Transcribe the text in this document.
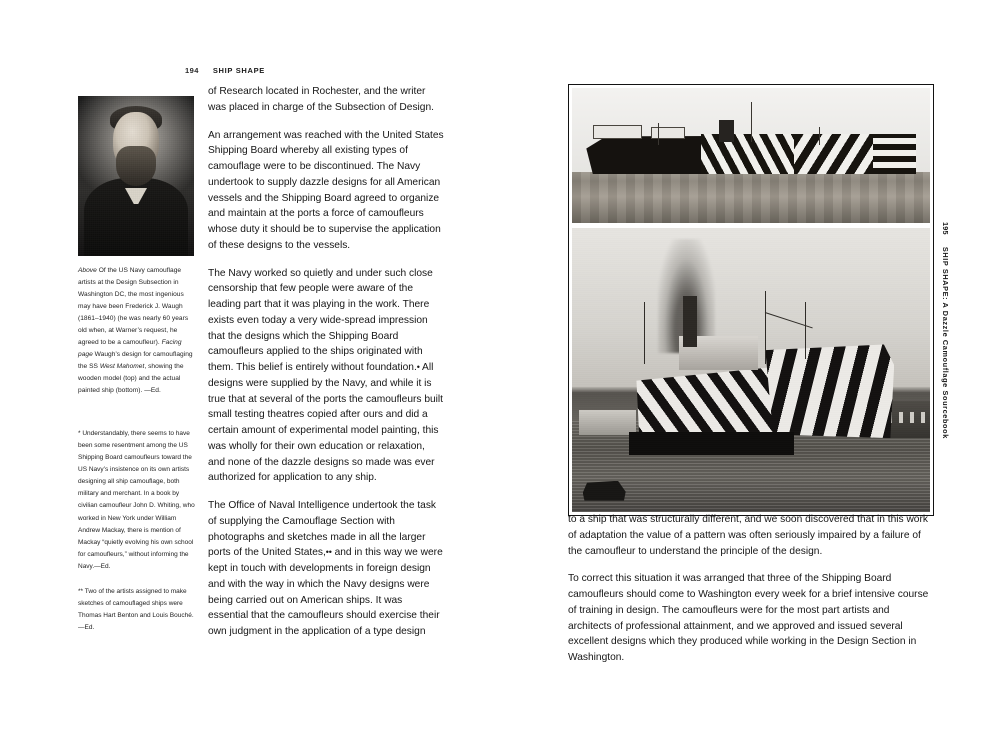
194 SHIP SHAPE
Above Of the US Navy camouflage artists at the Design Subsection in Washington DC, the most ingenious may have been Frederick J. Waugh (1861–1940) (he was nearly 60 years old when, at Warner’s request, he agreed to be a camoufleur). Facing page Waugh’s design for camouflaging the SS West Mahomet, showing the wooden model (top) and the actual painted ship (bottom). —Ed.
* Understandably, there seems to have been some resentment among the US Shipping Board camoufleurs toward the US Navy’s insistence on its own artists designing all ship camouflage, both military and merchant. In a book by civilian camoufleur John D. Whiting, who worked in New York under William Andrew Mackay, there is mention of Mackay “quietly evolving his own school for camoufleurs,” without informing the Navy.—Ed.
** Two of the artists assigned to make sketches of camouflaged ships were Thomas Hart Benton and Louis Bouché.—Ed.

of Research located in Rochester, and the writer was placed in charge of the Subsection of Design.

An arrangement was reached with the United States Shipping Board whereby all existing types of camouflage were to be discontinued. The Navy undertook to supply dazzle designs for all American vessels and the Shipping Board agreed to organize and maintain at the ports a force of camoufleurs whose duty it should be to supervise the application of these designs to the vessels.

The Navy worked so quietly and under such close censorship that few people were aware of the leading part that it was playing in the work. There exists even today a very wide-spread impression that the designs which the Shipping Board camoufleurs applied to the ships originated with them. This belief is entirely without foundation.• All designs were supplied by the Navy, and while it is true that at several of the ports the camoufleurs built small testing theatres copied after ours and did a certain amount of experimental model painting, this was wholly for their own education or relaxation, and none of the dazzle designs so made was ever authorized for application to any ship.

The Office of Naval Intelligence undertook the task of supplying the Camouflage Section with photographs and sketches made in all the larger ports of the United States,•• and in this way we were kept in touch with developments in foreign design and with the way in which the Navy designs were being carried out on American ships. It was essential that the camoufleurs should exercise their own judgment in the application of a type design

to a ship that was structurally different, and we soon discovered that in this work of adaptation the value of a pattern was often seriously impaired by a failure of the camoufleur to understand the principle of the design.

To correct this situation it was arranged that three of the Shipping Board camoufleurs should come to Washington every week for a brief intensive course of training in design. The camoufleurs were for the most part artists and architects of professional attainment, and we approved and issued several excellent designs which they produced while working in the Design Section in Washington.

195
SHIP SHAPE: A Dazzle Camouflage Sourcebook
